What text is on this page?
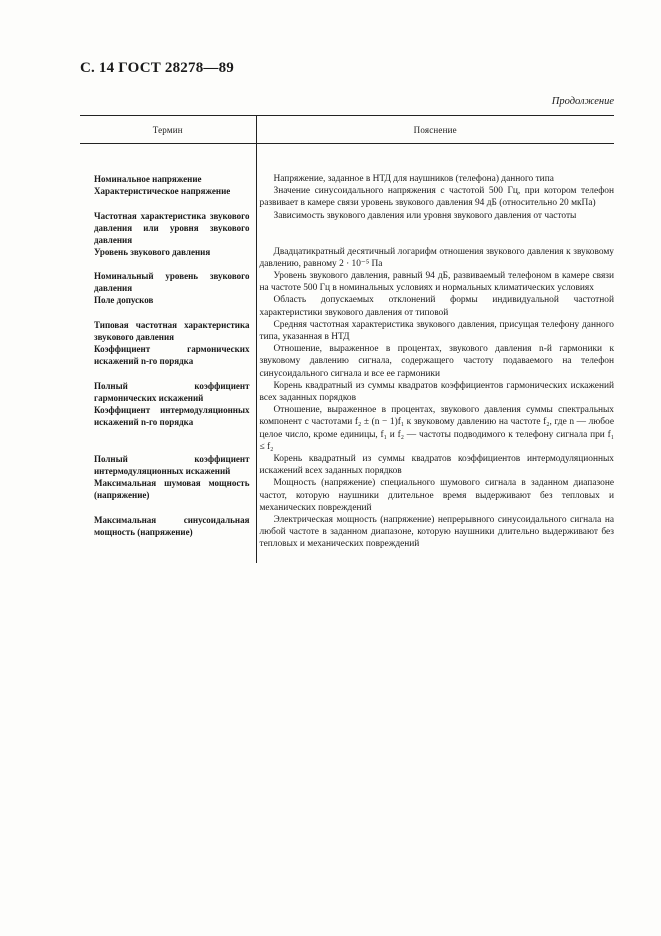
С. 14 ГОСТ 28278—89
Продолжение
Термин	Пояснение
Номинальное напряжение	Напряжение, заданное в НТД для наушников (телефона) данного типа

Характеристическое напряжение	Значение синусоидального напряжения с частотой 500 Гц, при котором телефон развивает в камере связи уровень звукового давления 94 дБ (относительно 20 мкПа)

Частотная характеристика звукового давления или уровня звукового давления	Зависимость звукового давления или уровня звукового давления от частоты

Уровень звукового давления	Двадцатикратный десятичный логарифм отношения звукового давления к звуковому давлению, равному 2 · 10⁻⁵ Па

Номинальный уровень звукового давления	Уровень звукового давления, равный 94 дБ, развиваемый телефоном в камере связи на частоте 500 Гц в номинальных условиях и нормальных климатических условиях

Поле допусков	Область допускаемых отклонений формы индивидуальной частотной характеристики звукового давления от типовой

Типовая частотная характеристика звукового давления	Средняя частотная характеристика звукового давления, присущая телефону данного типа, указанная в НТД

Коэффициент гармонических искажений n-го порядка	Отношение, выраженное в процентах, звукового давления n-й гармоники к звуковому давлению сигнала, содержащего частоту подаваемого на телефон синусоидального сигнала и все ее гармоники

Полный коэффициент гармонических искажений	Корень квадратный из суммы квадратов коэффициентов гармонических искажений всех заданных порядков

Коэффициент интермодуляционных искажений n-го порядка	Отношение, выраженное в процентах, звукового давления суммы спектральных компонент с частотами f₂ ± (n − 1)f₁ к звуковому давлению на частоте f₂, где n — любое целое число, кроме единицы, f₁ и f₂ — частоты подводимого к телефону сигнала при f₁ ≤ f₂

Полный коэффициент интермодуляционных искажений	Корень квадратный из суммы квадратов коэффициентов интермодуляционных искажений всех заданных порядков

Максимальная шумовая мощность (напряжение)	Мощность (напряжение) специального шумового сигнала в заданном диапазоне частот, которую наушники длительное время выдерживают без тепловых и механических повреждений

Максимальная синусоидальная мощность (напряжение)	Электрическая мощность (напряжение) непрерывного синусоидального сигнала на любой частоте в заданном диапазоне, которую наушники длительно выдерживают без тепловых и механических повреждений
